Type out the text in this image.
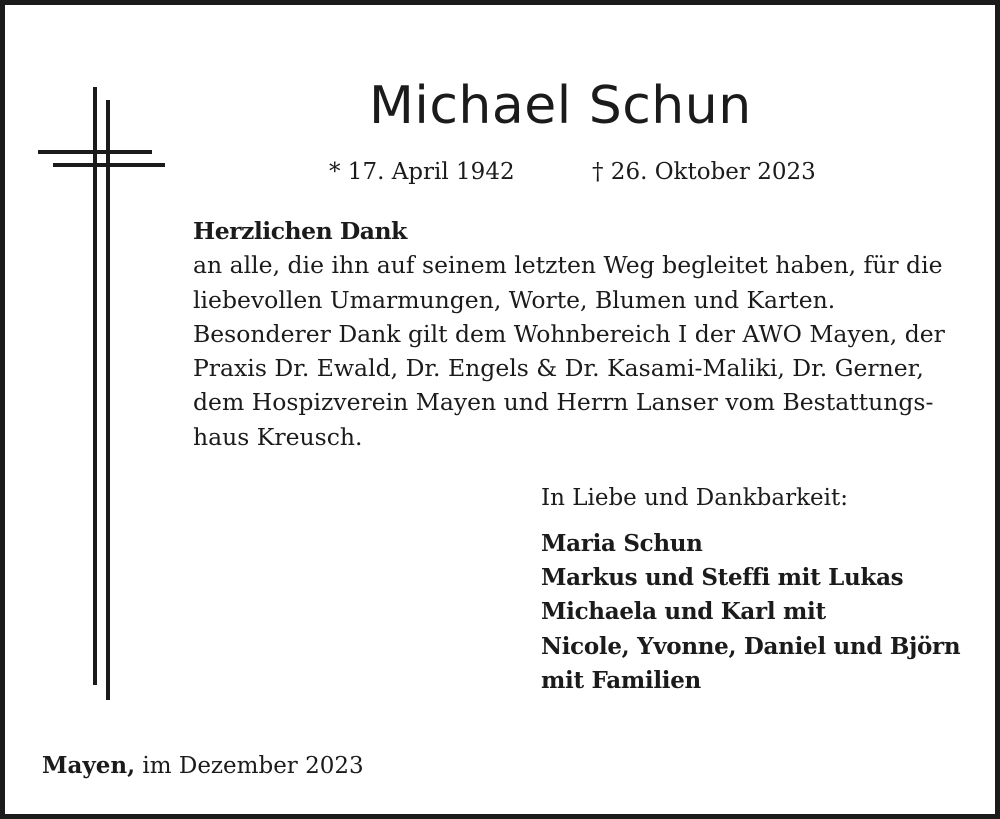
Michael Schun
* 17. April 1942	† 26. Oktober 2023

Herzlichen Dank

an alle, die ihn auf seinem letzten Weg begleitet haben, für die

liebevollen Umarmungen, Worte, Blumen und Karten.

Besonderer Dank gilt dem Wohnbereich I der AWO Mayen, der

Praxis Dr. Ewald, Dr. Engels & Dr. Kasami-Maliki, Dr. Gerner,

dem Hospizverein Mayen und Herrn Lanser vom Bestattungs-

haus Kreusch.

In Liebe und Dankbarkeit:

Maria Schun
Markus und Steffi mit Lukas
Michaela und Karl mit
Nicole, Yvonne, Daniel und Björn
mit Familien

Mayen, im Dezember 2023
